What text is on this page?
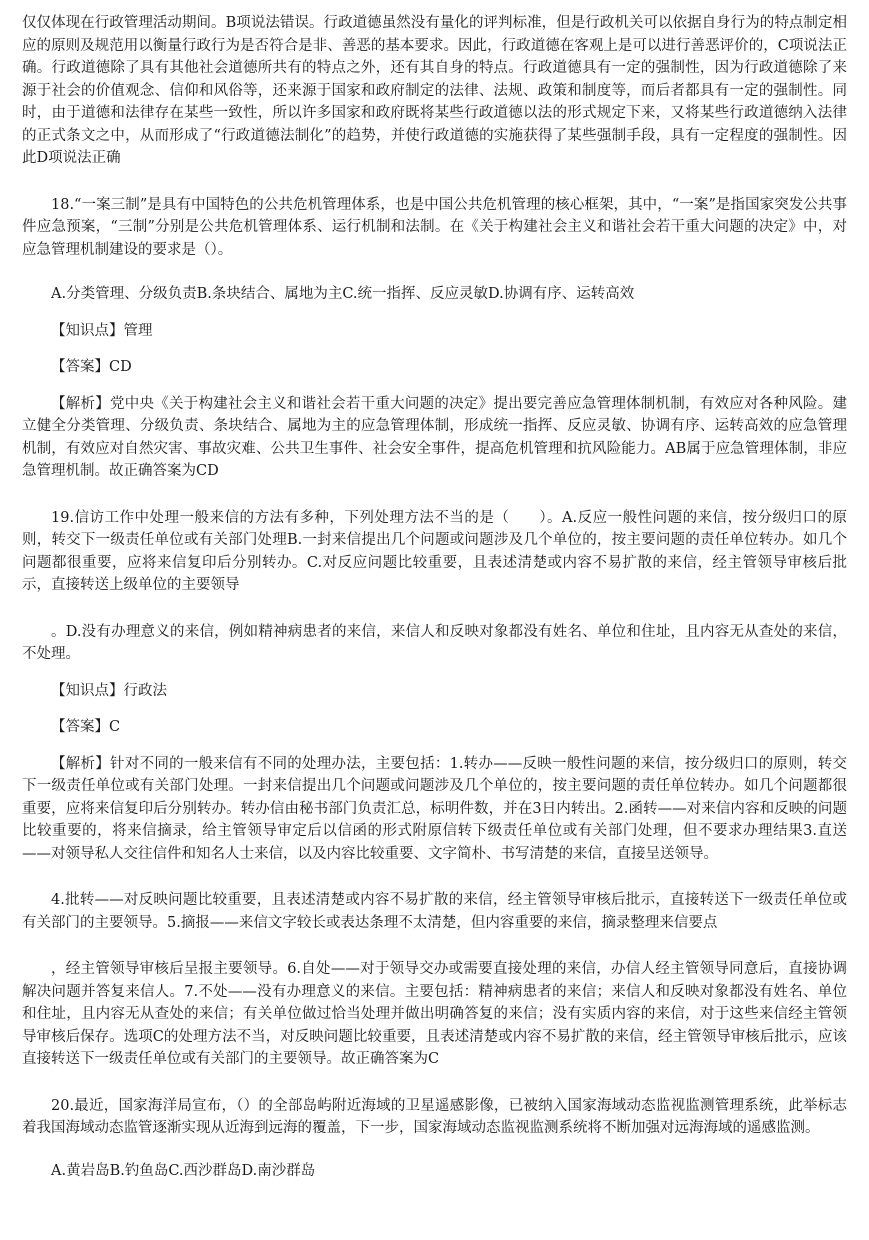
仅仅体现在行政管理活动期间。B项说法错误。行政道德虽然没有量化的评判标准，但是行政机关可以依据自身行为的特点制定相应的原则及规范用以衡量行政行为是否符合是非、善恶的基本要求。因此，行政道德在客观上是可以进行善恶评价的，C项说法正确。行政道德除了具有其他社会道德所共有的特点之外，还有其自身的特点。行政道德具有一定的强制性，因为行政道德除了来源于社会的价值观念、信仰和风俗等，还来源于国家和政府制定的法律、法规、政策和制度等，而后者都具有一定的强制性。同时，由于道德和法律存在某些一致性，所以许多国家和政府既将某些行政道德以法的形式规定下来，又将某些行政道德纳入法律的正式条文之中，从而形成了“行政道德法制化”的趋势，并使行政道德的实施获得了某些强制手段，具有一定程度的强制性。因此D项说法正确

18.“一案三制”是具有中国特色的公共危机管理体系，也是中国公共危机管理的核心框架，其中，“一案”是指国家突发公共事件应急预案，“三制”分别是公共危机管理体系、运行机制和法制。在《关于构建社会主义和谐社会若干重大问题的决定》中，对应急管理机制建设的要求是（）。

A.分类管理、分级负责B.条块结合、属地为主C.统一指挥、反应灵敏D.协调有序、运转高效

【知识点】管理

【答案】CD

【解析】党中央《关于构建社会主义和谐社会若干重大问题的决定》提出要完善应急管理体制机制，有效应对各种风险。建立健全分类管理、分级负责、条块结合、属地为主的应急管理体制，形成统一指挥、反应灵敏、协调有序、运转高效的应急管理机制，有效应对自然灾害、事故灾难、公共卫生事件、社会安全事件，提高危机管理和抗风险能力。AB属于应急管理体制，非应急管理机制。故正确答案为CD

19.信访工作中处理一般来信的方法有多种，下列处理方法不当的是（　　）。A.反应一般性问题的来信，按分级归口的原则，转交下一级责任单位或有关部门处理B.一封来信提出几个问题或问题涉及几个单位的，按主要问题的责任单位转办。如几个问题都很重要，应将来信复印后分别转办。C.对反应问题比较重要，且表述清楚或内容不易扩散的来信，经主管领导审核后批示，直接转送上级单位的主要领导

。D.没有办理意义的来信，例如精神病患者的来信，来信人和反映对象都没有姓名、单位和住址，且内容无从查处的来信，不处理。

【知识点】行政法

【答案】C

【解析】针对不同的一般来信有不同的处理办法，主要包括：1.转办——反映一般性问题的来信，按分级归口的原则，转交下一级责任单位或有关部门处理。一封来信提出几个问题或问题涉及几个单位的，按主要问题的责任单位转办。如几个问题都很重要，应将来信复印后分别转办。转办信由秘书部门负责汇总，标明件数，并在3日内转出。2.函转——对来信内容和反映的问题比较重要的，将来信摘录，给主管领导审定后以信函的形式附原信转下级责任单位或有关部门处理，但不要求办理结果3.直送——对领导私人交往信件和知名人士来信，以及内容比较重要、文字简朴、书写清楚的来信，直接呈送领导。

4.批转——对反映问题比较重要，且表述清楚或内容不易扩散的来信，经主管领导审核后批示，直接转送下一级责任单位或有关部门的主要领导。5.摘报——来信文字较长或表达条理不太清楚，但内容重要的来信，摘录整理来信要点

，经主管领导审核后呈报主要领导。6.自处——对于领导交办或需要直接处理的来信，办信人经主管领导同意后，直接协调解决问题并答复来信人。7.不处——没有办理意义的来信。主要包括：精神病患者的来信；来信人和反映对象都没有姓名、单位和住址，且内容无从查处的来信；有关单位做过恰当处理并做出明确答复的来信；没有实质内容的来信，对于这些来信经主管领导审核后保存。选项C的处理方法不当，对反映问题比较重要，且表述清楚或内容不易扩散的来信，经主管领导审核后批示，应该直接转送下一级责任单位或有关部门的主要领导。故正确答案为C

20.最近，国家海洋局宣布，（）的全部岛屿附近海域的卫星遥感影像，已被纳入国家海域动态监视监测管理系统，此举标志着我国海域动态监管逐渐实现从近海到远海的覆盖，下一步，国家海域动态监视监测系统将不断加强对远海海域的遥感监测。

A.黄岩岛B.钓鱼岛C.西沙群岛D.南沙群岛
